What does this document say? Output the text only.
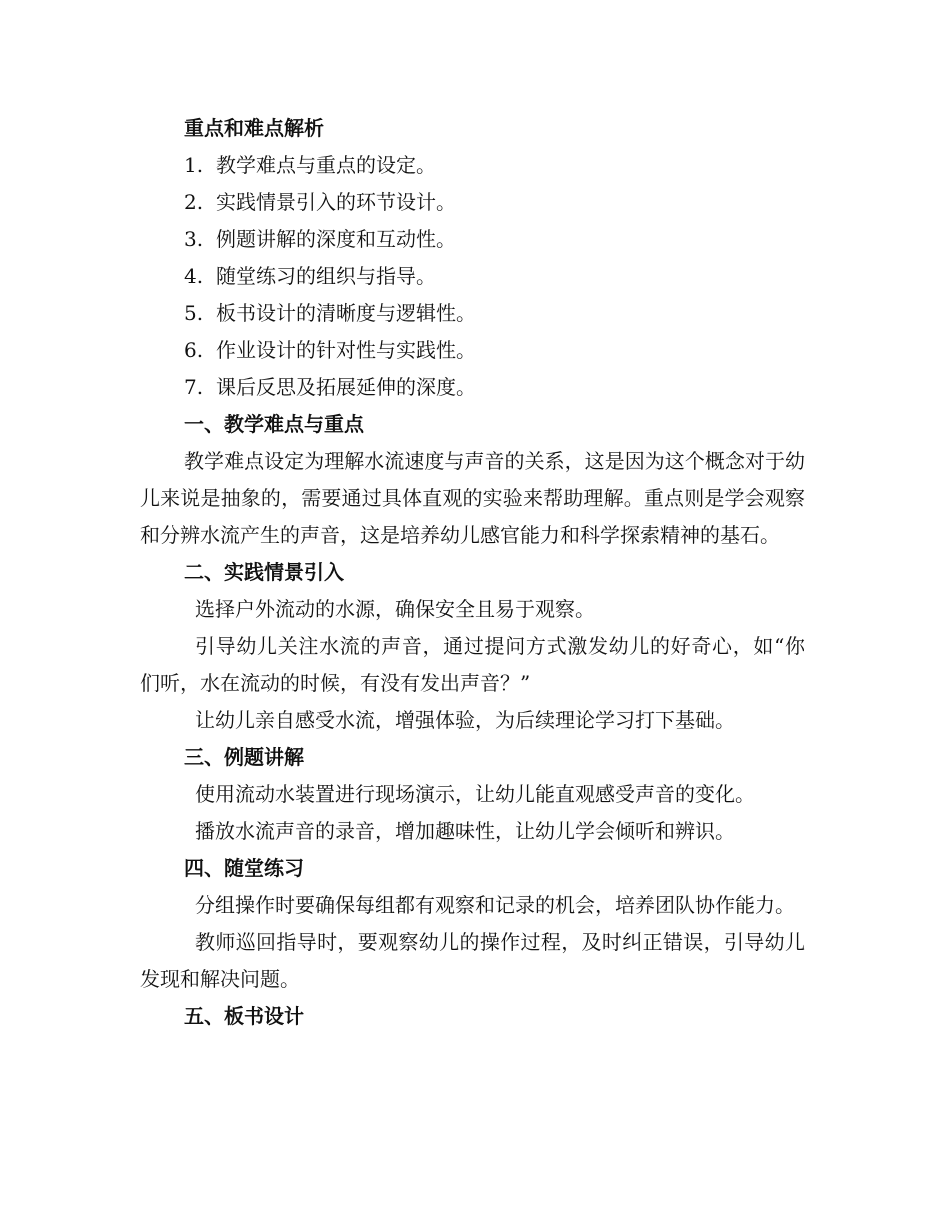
重点和难点解析

1. 教学难点与重点的设定。

2. 实践情景引入的环节设计。

3. 例题讲解的深度和互动性。

4. 随堂练习的组织与指导。

5. 板书设计的清晰度与逻辑性。

6. 作业设计的针对性与实践性。

7. 课后反思及拓展延伸的深度。

一、教学难点与重点

教学难点设定为理解水流速度与声音的关系，这是因为这个概念对于幼儿来说是抽象的，需要通过具体直观的实验来帮助理解。重点则是学会观察和分辨水流产生的声音，这是培养幼儿感官能力和科学探索精神的基石。

二、实践情景引入

选择户外流动的水源，确保安全且易于观察。

引导幼儿关注水流的声音，通过提问方式激发幼儿的好奇心，如“你们听，水在流动的时候，有没有发出声音？”

让幼儿亲自感受水流，增强体验，为后续理论学习打下基础。

三、例题讲解

使用流动水装置进行现场演示，让幼儿能直观感受声音的变化。

播放水流声音的录音，增加趣味性，让幼儿学会倾听和辨识。

四、随堂练习

分组操作时要确保每组都有观察和记录的机会，培养团队协作能力。

教师巡回指导时，要观察幼儿的操作过程，及时纠正错误，引导幼儿发现和解决问题。

五、板书设计
